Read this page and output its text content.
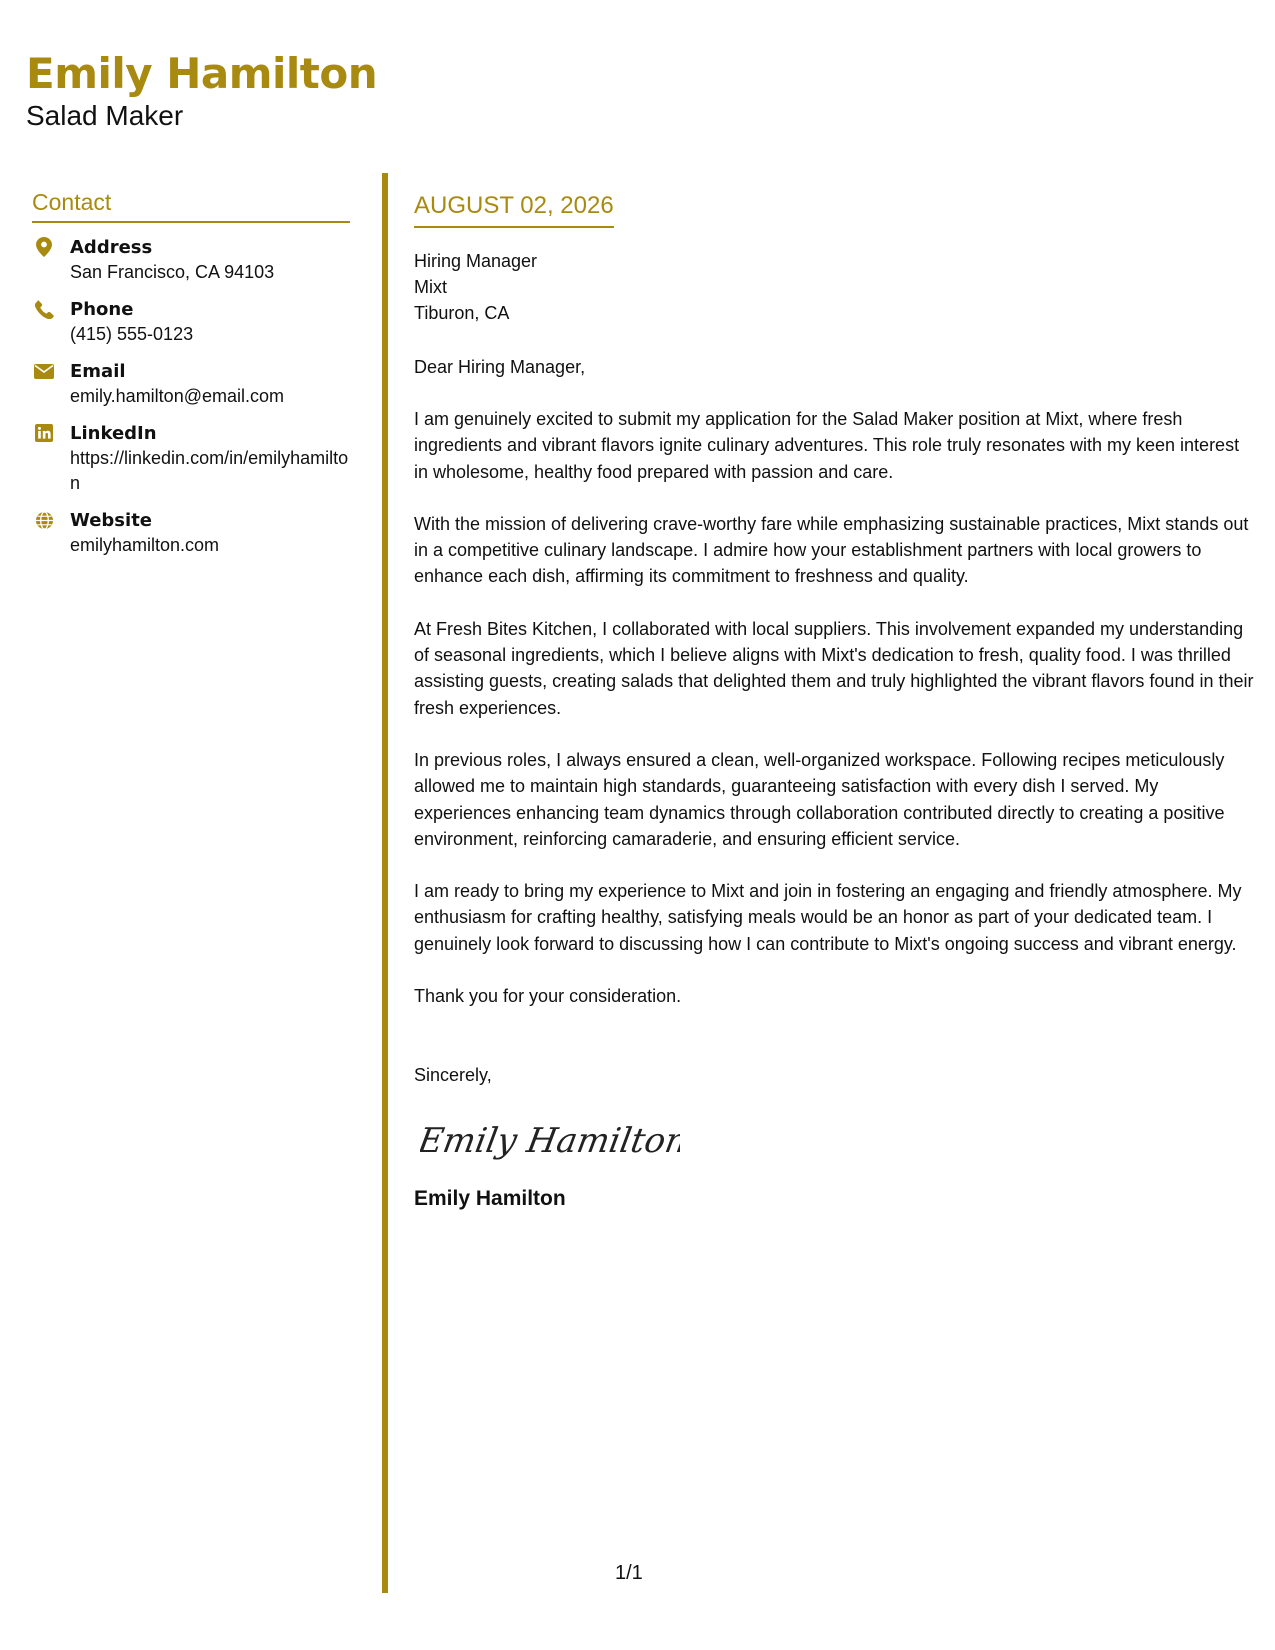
Emily Hamilton
Salad Maker
Contact
Address
San Francisco, CA 94103
Phone
(415) 555-0123
Email
emily.hamilton@email.com
LinkedIn
https://linkedin.com/in/emilyhamilton
Website
emilyhamilton.com
AUGUST 02, 2026
Hiring Manager
Mixt
Tiburon, CA
Dear Hiring Manager,

I am genuinely excited to submit my application for the Salad Maker position at Mixt, where fresh ingredients and vibrant flavors ignite culinary adventures. This role truly resonates with my keen interest in wholesome, healthy food prepared with passion and care.

With the mission of delivering crave-worthy fare while emphasizing sustainable practices, Mixt stands out in a competitive culinary landscape. I admire how your establishment partners with local growers to enhance each dish, affirming its commitment to freshness and quality.

At Fresh Bites Kitchen, I collaborated with local suppliers. This involvement expanded my understanding of seasonal ingredients, which I believe aligns with Mixt's dedication to fresh, quality food. I was thrilled assisting guests, creating salads that delighted them and truly highlighted the vibrant flavors found in their fresh experiences.

In previous roles, I always ensured a clean, well-organized workspace. Following recipes meticulously allowed me to maintain high standards, guaranteeing satisfaction with every dish I served. My experiences enhancing team dynamics through collaboration contributed directly to creating a positive environment, reinforcing camaraderie, and ensuring efficient service.

I am ready to bring my experience to Mixt and join in fostering an engaging and friendly atmosphere. My enthusiasm for crafting healthy, satisfying meals would be an honor as part of your dedicated team. I genuinely look forward to discussing how I can contribute to Mixt's ongoing success and vibrant energy.

Thank you for your consideration.
Sincerely,
Emily Hamilton
Emily Hamilton
1/1
